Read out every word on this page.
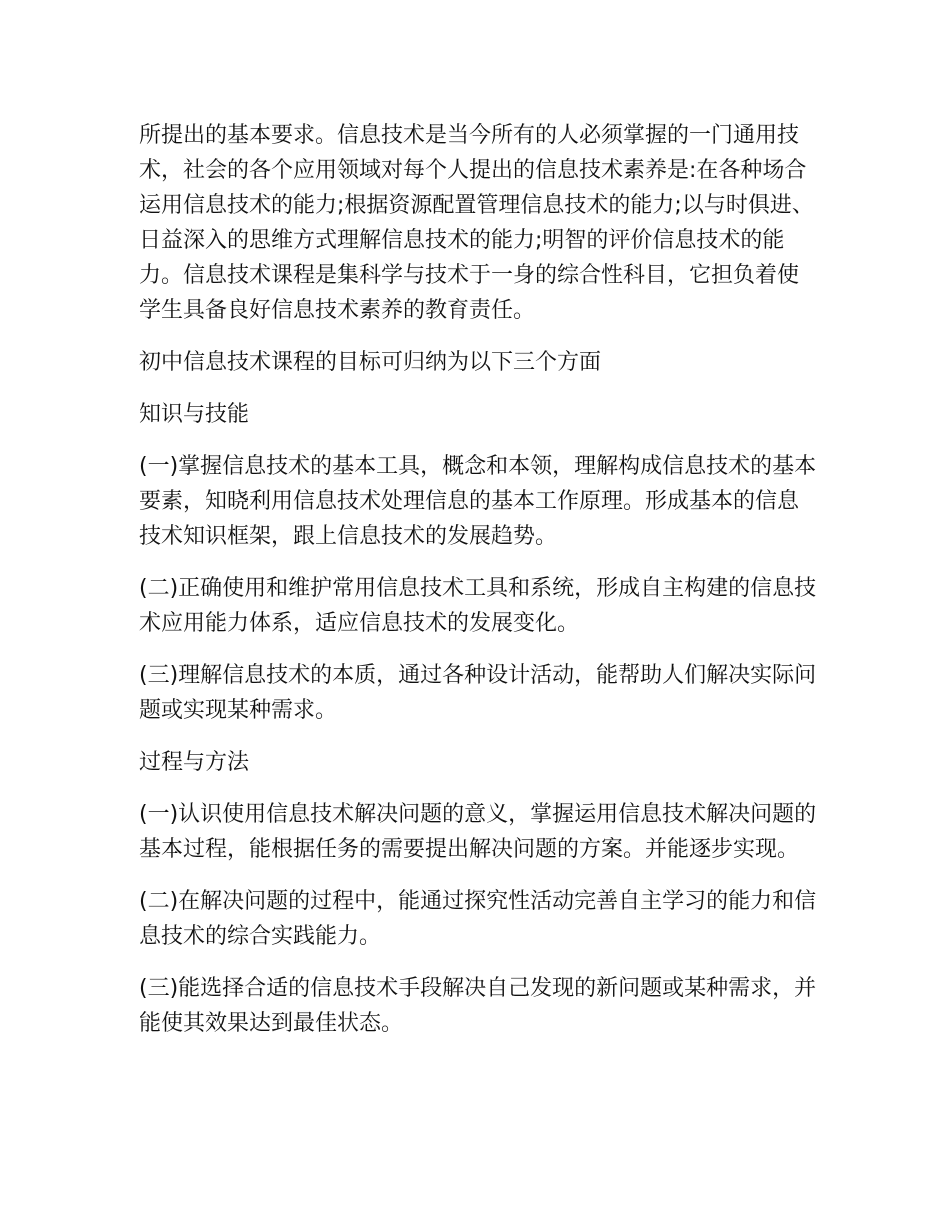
所提出的基本要求。信息技术是当今所有的人必须掌握的一门通用技术，社会的各个应用领域对每个人提出的信息技术素养是:在各种场合运用信息技术的能力;根据资源配置管理信息技术的能力;以与时俱进、日益深入的思维方式理解信息技术的能力;明智的评价信息技术的能力。信息技术课程是集科学与技术于一身的综合性科目，它担负着使学生具备良好信息技术素养的教育责任。

初中信息技术课程的目标可归纳为以下三个方面

知识与技能

(一)掌握信息技术的基本工具，概念和本领，理解构成信息技术的基本要素，知晓利用信息技术处理信息的基本工作原理。形成基本的信息技术知识框架，跟上信息技术的发展趋势。

(二)正确使用和维护常用信息技术工具和系统，形成自主构建的信息技术应用能力体系，适应信息技术的发展变化。

(三)理解信息技术的本质，通过各种设计活动，能帮助人们解决实际问题或实现某种需求。

过程与方法

(一)认识使用信息技术解决问题的意义，掌握运用信息技术解决问题的基本过程，能根据任务的需要提出解决问题的方案。并能逐步实现。

(二)在解决问题的过程中，能通过探究性活动完善自主学习的能力和信息技术的综合实践能力。

(三)能选择合适的信息技术手段解决自己发现的新问题或某种需求，并能使其效果达到最佳状态。
